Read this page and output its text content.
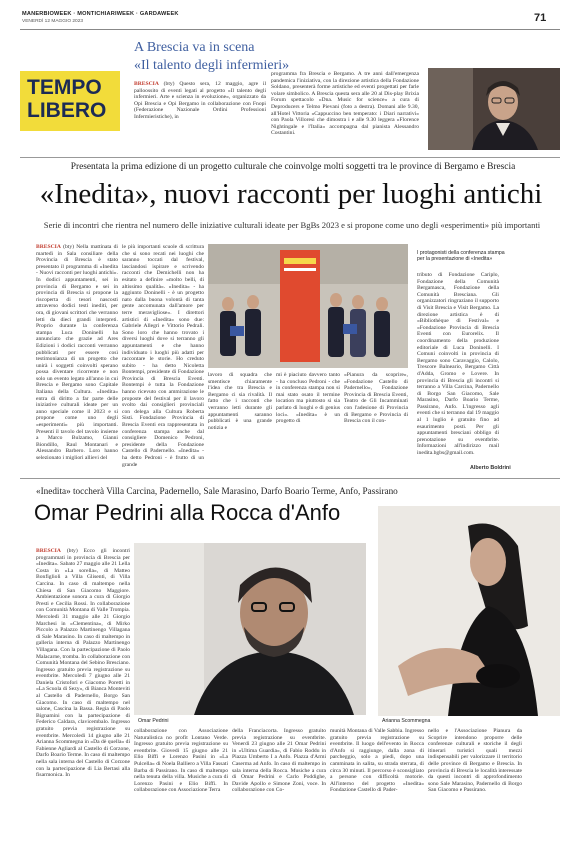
MANERBIOWEEK · MONTICHIARIWEEK · GARDAWEEK
VENERDÌ 12 MAGGIO 2023	71
TEMPO
LIBERO
A Brescia va in scena
«Il talento degli infermieri»
BRESCIA (bty) Questo sera, 12 maggio, agre il palloossito di eventi legati al progetto «Il talento degli infermieri. Arte e scienza in evoluzione», organizzato da Opi Brescia e Opi Bergamo in collaborazione con Fnopi (Federazione Nazionale Ordini Professioni Infermieristiche), in
programma fra Brescia e Bergamo. A tre anni dall'emergenza pandemica l'iniziativa, con la direzione artistica della Fondazione Soldano, presenterà forme artistiche ed eventi progettati per farle volare simbolico. A Brescia questa sera alle 20 al Dis-play Brixia Forum spettacolo «Dna. Music for science» a cura di Deproducers e Telmo Pievani (foto a destra). Domani alle 9.30, all'Hotel Vittoria «Cappuccino ben temperato: i Diari narrativi» con Paola Villoresi che dimostra i e alle 9.30 leggera «Florence Nightingale e l'Italia» accompagna dal pianista Alessandro Costantini.
Presentata la prima edizione di un progetto culturale che coinvolge molti soggetti tra le province di Bergamo e Brescia
«Inedita», nuovi racconti per luoghi antichi
Serie di incontri che rientra nel numero delle iniziative culturali ideate per BgBs 2023 e si propone come uno degli «esperimenti» più importanti
BRESCIA (bty) Nella mattinata di martedì in Sala consiliare della Provincia di Brescia è stato presentato il programma di «Inedita - Nuovi racconti per luoghi antichi». In dodici appuntamenti, sei in provincia di Bergamo e sei in provincia di Brescia si propone la riscoperta di tesori nascosti attraverso dodici testi inediti, per ora, di giovani scrittori che verranno letti da dieci grandi interpreti. Proprio durante la conferenza stampa Luca Doninelli ha annunciato che grazie ad Ares Edizioni i dodici racconti verranno pubblicati per essere così testimonianza di un progetto che unirà i soggetti coinvolti sperano possa diventare ricorrente e non solo un evento legato all'anno in cui Brescia e Bergamo sono Capitale Italiana della Cultura. «Inedita» entra di diritto a far parte delle iniziative culturali ideate per un anno speciale come il 2023 e si propone come uno degli «esperimenti» più importanti. Presenti il tavolo del tavolo insieme a Marco Bulzamo, Gianni Biondillo, Raul Montanari e Alessandro Barbero. Loro hanno selezionato i migliori allievi del
le più importanti scuole di scrittura che si sono recati nei luoghi che saranno toccati dal festival, lasciandosi ispirare e scrivendo racconti che Demichelli non ha esitato a definire «molto belli, di altissimo qualità». «Inedita» - ha aggiunto Doninelli - è un progetto nato dalla buona volontà di tanta gente accomunata dall'amore per terre meravigliose». I direttori artistici di «Inedita» sono due: Gabriele Allegri e Vittorio Pedrali. Sono loro che hanno trovato i diversi luoghi dove si terranno gli appuntamenti e che hanno individuato i luoghi più adatti per raccontare le storie. Ho creduto subito - ha detto Nicoletta Bontempi, presidente di Fondazione Provincia di Brescia Eventi. Bontempi è tutta la Fondazione hanno ricevuto con ammirazione le proposte del festival per il lavoro svolto dai consiglieri provinciali con delega alla Cultura Roberta Sisti. Fondazione Provincia di Brescia Eventi era rappresentata in conferenza stampa anche dal consigliere Domenico Pedroni, presidente della Fondazione Castello di Padernello. «Inedita» - ha detto Pedroni - è frutto di un grande
lavoro di squadra che smentisce chiaramente l'idea che tra Brescia e Bergamo ci sia rivalità. Il fatto che i racconti che verranno letti durante gli appuntamenti saranno pubblicati è una grande notizia e
mi è piaciuto davvero tanto - ha concluso Pedroni - che in conferenza stampa non si mai stato osato il termine location ma piuttosto si sia parlato di luoghi e di genius loci». «Inedita» è un progetto di
«Pianura da scoprire», «Fondazione Castello di Padernello», Fondazione Provincia di Brescia Eventi, Teatro de Gli Incamminati con l'adesione di Provincia di Bergamo e Provincia di Brescia con il con-
I protagonisti della conferenza stampa per la presentazione di «Inedita»
tributo di Fondazione Cariplo, Fondazione della Comunità Bergamasca, Fondazione della Comunità Bresciana. Gli organizzatori ringraziano il supporto di Visit Brescia e Visit Bergamo. La direzione artistica è di «Bibliothèque di Festival» e «Fondazione Provincia di Brescia Eventi con Eurorelix. Il coordinamento della produzione editoriale di Luca Doninelli. I Comuni coinvolti in provincia di Bergamo sono Caravaggio, Calolo, Trescore Balneario, Bergamo Città d'Adda, Gromo e Lovere. In provincia di Brescia gli incontri si terranno a Villa Carcina, Padernello di Borgo San Giacomo, Sale Marasino, Darfo Boario Terme, Passirano, Anfo. L'ingresso agli eventi che si terranno dal 19 maggio al 1 luglio è gratuito fino ad esaurimento posti. Per gli appuntamenti bresciani obbligo di prenotazione su eventbrite. Informazioni all'indirizzo mail inedita.bgbs@gmail.com.
Alberto Boldrini
«Inedita» toccherà Villa Carcina, Padernello, Sale Marasino, Darfo Boario Terme, Anfo, Passirano
Omar Pedrini alla Rocca d'Anfo
BRESCIA (bty) Ecco gli incontri programmati in provincia di Brescia per «Inedita». Sabato 27 maggio alle 21 Lella Costa in «La sorella», di Matteo Bonfiglioli a Villa Glisenti, di Villa Carcina. In caso di maltempo nella Chiesa di San Giacomo Maggiore. Ambientazione sonora a cura di Giorgio Presti e Cecilia Rossi. In collaborazione con Comunità Montana di Valle Trompia. Mercoledì 31 maggio alle 21 Giorgio Marchesi in «Clementina», di Mirko Piccolo a Palazzo Martinengo Villagana di Sale Marasino. In caso di maltempo in galleria interna di Palazzo Martinengo Villagana. Con la partecipazione di Paolo Malacarne, tromba. In collaborazione con Comunità Montana del Sebino Bresciano. Ingresso gratuito previa registrazione su eventbrite. Mercoledì 7 giugno alle 21 Daniela Cristofori e Giacomo Poretti in «La Scuola di Sezy», di Bianca Monteviti al Castello di Padernello, Borgo San Giacomo. In caso di maltempo nel salone, Cascina la Bassa. Regia di Paolo Bignamini con la partecipazione di Federico Caldara, clavicembalo. Ingresso gratuito previa registrazione su eventbrite. Mercoledì 14 giugno alle 21 Arianna Scommegna in «Da dè quella» di Fabienne Agliardi al Castello di Corzone, Darfo Boario Terme. In caso di maltempo nella sala interna del Castello di Corzone con la partecipazione di Lia Bertasi alla fisarmonica. In
Omar Pedrini	Arianna Scommegna
collaborazione con Associazione Naturalistica no profit Lontano Verde. Ingresso gratuito previa registrazione su eventbrite. Giovedì 15 giugno alle 21 Elio Biffi e Lorenzo Pasini in «La Pulcella» di Noela Balliero a Villa Fassati Barba di Passirano. In caso di maltempo nella tenuta della villa. Musiche a cura di Lorenzo Pasini e Elio Biffi. In collaborazione con Associazione Terra
della Franciacorta. Ingresso gratuito previa registrazione su eventbrite. Venerdì 23 giugno alle 21 Omar Pedrini in «Ultima Guardia», di Fabio Roddu in Piazza Umberto I a Anfo. Piazza d'Armi Caserma ad Anfo. In caso di maltempo in sala interna della Rocca. Musiche a cura di Omar Pedrini e Carlo Poddighe, Davide Apollo e Simone Zoni, voce. In collaborazione con Co-
munità Montana di Valle Sabbia. Ingresso gratuito previa registrazione su eventbrite. Il luogo dell'evento in Rocca d'Anfo si raggiunge, dalla zona di parcheggio, solo a piedi, dopo una camminata in salita, su strada sterrata, di circa 30 minuti. Il percorso è sconsigliato a persone con difficoltà motorie. All'interno del progetto «Inedita» Fondazione Castello di Pader-
nello e l'Associazione Pianura da Scoprire intendono proporre delle conferenze culturali e storiche il degli itinerari turistici quali mezzi indispensabili per valorizzare il territorio delle province di Bergamo e Brescia. In provincia di Brescia le località interessate da questi incontri di approfondimento sono Sale Marasino, Padernello di Borgo San Giacomo e Passirano.
